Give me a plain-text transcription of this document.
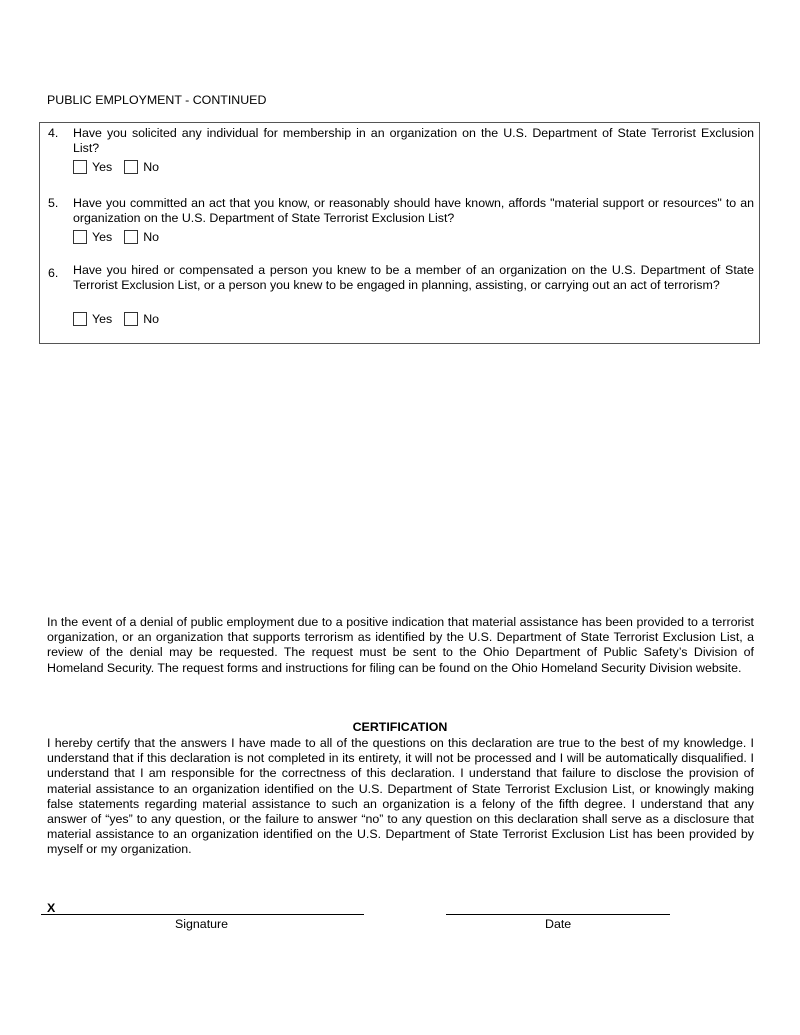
PUBLIC EMPLOYMENT - CONTINUED
4. Have you solicited any individual for membership in an organization on the U.S. Department of State Terrorist Exclusion List?
Yes	No
5. Have you committed an act that you know, or reasonably should have known, affords "material support or resources" to an organization on the U.S. Department of State Terrorist Exclusion List?
Yes	No
6. Have you hired or compensated a person you knew to be a member of an organization on the U.S. Department of State Terrorist Exclusion List, or a person you knew to be engaged in planning, assisting, or carrying out an act of terrorism?
Yes	No
In the event of a denial of public employment due to a positive indication that material assistance has been provided to a terrorist organization, or an organization that supports terrorism as identified by the U.S. Department of State Terrorist Exclusion List, a review of the denial may be requested. The request must be sent to the Ohio Department of Public Safety’s Division of Homeland Security. The request forms and instructions for filing can be found on the Ohio Homeland Security Division website.
CERTIFICATION
I hereby certify that the answers I have made to all of the questions on this declaration are true to the best of my knowledge. I understand that if this declaration is not completed in its entirety, it will not be processed and I will be automatically disqualified. I understand that I am responsible for the correctness of this declaration. I understand that failure to disclose the provision of material assistance to an organization identified on the U.S. Department of State Terrorist Exclusion List, or knowingly making false statements regarding material assistance to such an organization is a felony of the fifth degree. I understand that any answer of “yes” to any question, or the failure to answer “no” to any question on this declaration shall serve as a disclosure that material assistance to an organization identified on the U.S. Department of State Terrorist Exclusion List has been provided by myself or my organization.
X
Signature	Date
